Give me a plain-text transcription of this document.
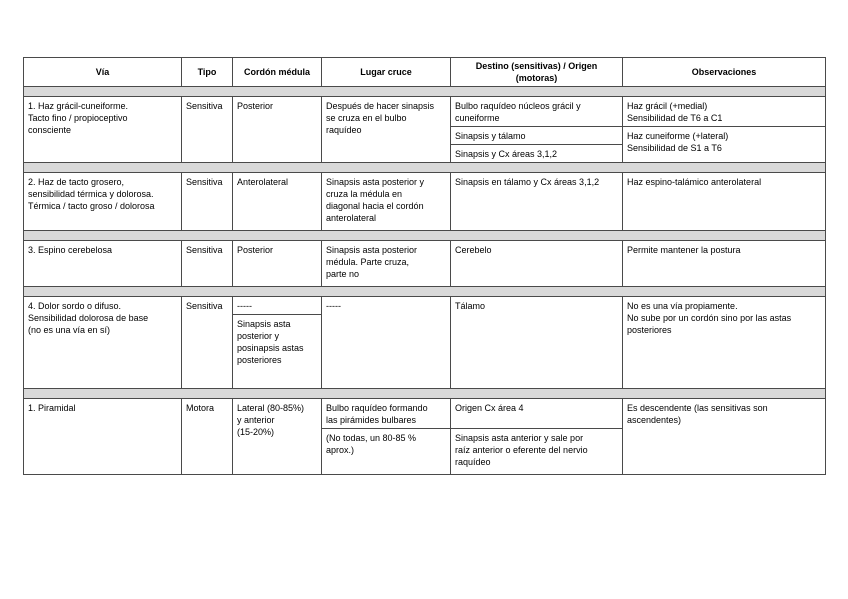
Vía	Tipo	Cordón médula	Lugar cruce	Destino (sensitivas) / Origen
(motoras)	Observaciones

1. Haz grácil-cuneiforme.
Tacto fino / propioceptivo
consciente	Sensitiva	Posterior	Después de hacer sinapsis
se cruza en el bulbo
raquídeo	Bulbo raquídeo núcleos grácil y
cuneiforme	Haz grácil (+medial)
Sensibilidad de T6 a C1

				Sinapsis y tálamo	Haz cuneiforme (+lateral)
Sensibilidad de S1 a T6

				Sinapsis y Cx áreas 3,1,2	

2. Haz de tacto grosero,
sensibilidad térmica y dolorosa.
Térmica / tacto groso / dolorosa	Sensitiva	Anterolateral	Sinapsis asta posterior y
cruza la médula en
diagonal hacia el cordón
anterolateral	Sinapsis en tálamo y Cx áreas 3,1,2	Haz espino-talámico anterolateral

3. Espino cerebelosa	Sensitiva	Posterior	Sinapsis asta posterior
médula. Parte cruza,
parte no	Cerebelo	Permite mantener la postura

4. Dolor sordo o difuso.
Sensibilidad dolorosa de base
(no es una vía en sí)	Sensitiva	-----	-----	Tálamo	No es una vía propiamente.
No sube por un cordón sino por las astas
posteriores

		Sinapsis asta
posterior y
posinapsis astas
posteriores			

1. Piramidal	Motora	Lateral (80-85%)
y anterior
(15-20%)	Bulbo raquídeo formando
las pirámides bulbares	Origen Cx área 4	Es descendente (las sensitivas son
ascendentes)

			(No todas, un 80-85 %
aprox.)	Sinapsis asta anterior y sale por
raíz anterior o eferente del nervio
raquídeo	
